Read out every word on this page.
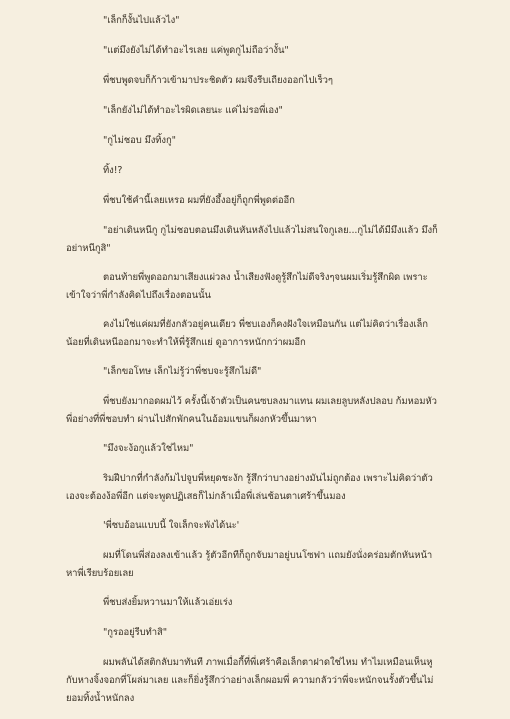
"เล็กก็งั้นไปแล้วไง"

"แต่มึงยังไม่ได้ทำอะไรเลย แค่พูดกูไม่ถือว่างั้น"

พี่ชบพูดจบก็ก้าวเข้ามาประชิดตัว ผมจึงรีบเถียงออกไปเร็วๆ

"เล็กยังไม่ได้ทำอะไรผิดเลยนะ แค่ไม่รอพี่เอง"

"กูไม่ชอบ มึงทิ้งกู"

ทิ้ง!?

พี่ชบใช้คำนี้เลยเหรอ ผมที่ยังอึ้งอยู่ก็ถูกพี่พูดต่ออีก

"อย่าเดินหนีกู กูไม่ชอบตอนมึงเดินหันหลังไปแล้วไม่สนใจกูเลย...กูไม่ได้มีมึงแล้ว มึงก็อย่าหนีกูสิ"

ตอนท้ายพี่พูดออกมาเสียงแผ่วลง น้ำเสียงฟังดูรู้สึกไม่ดีจริงๆจนผมเริ่มรู้สึกผิด เพราะเข้าใจว่าพี่กำลังคิดไปถึงเรื่องตอนนั้น

คงไม่ใช่แค่ผมที่ยังกลัวอยู่คนเดียว พี่ชบเองก็คงฝังใจเหมือนกัน แต่ไม่คิดว่าเรื่องเล็กน้อยที่เดินหนีออกมาจะทำให้พี่รู้สึกแย่ ดูอาการหนักกว่าผมอีก

"เล็กขอโทษ เล็กไม่รู้ว่าพี่ชบจะรู้สึกไม่ดี"

พี่ชบยังมากอดผมไว้ ครั้งนี้เจ้าตัวเป็นคนซบลงมาแทน ผมเลยลูบหลังปลอบ ก้มหอมหัวพี่อย่างที่พี่ชอบทำ ผ่านไปสักพักคนในอ้อมแขนก็ผงกหัวขึ้นมาหา

"มึงจะง้อกูแล้วใช่ไหม"

ริมฝีปากที่กำลังก้มไปจูบพี่หยุดชะงัก รู้สึกว่าบางอย่างมันไม่ถูกต้อง เพราะไม่คิดว่าตัวเองจะต้องง้อพี่อีก แต่จะพูดปฏิเสธก็ไม่กล้าเมื่อพี่เล่นช้อนตาเศร้าขึ้นมอง

'พี่ชบอ้อนแบบนี้ ใจเล็กจะพังได้นะ'

ผมที่โดนพี่ส่องลงเข้าแล้ว รู้ตัวอีกทีก็ถูกจับมาอยู่บนโซฟา แถมยังนั่งคร่อมตักหันหน้าหาพี่เรียบร้อยเลย

พี่ชบส่งยิ้มหวานมาให้แล้วเอ่ยเร่ง

"กูรออยู่รีบทำสิ"

ผมพลันได้สติกลับมาทันที ภาพเมื่อกี้ที่พี่เศร้าคือเล็กตาฝาดใช่ไหม ทำไมเหมือนเห็นหูกับหางจิ้งจอกที่โผล่มาเลย และก็ยิ่งรู้สึกว่าอย่างเล็กผอมพี่ ความกลัวว่าพี่จะหนักจนรั้งตัวขึ้นไม่ยอมทิ้งน้ำหนักลง
